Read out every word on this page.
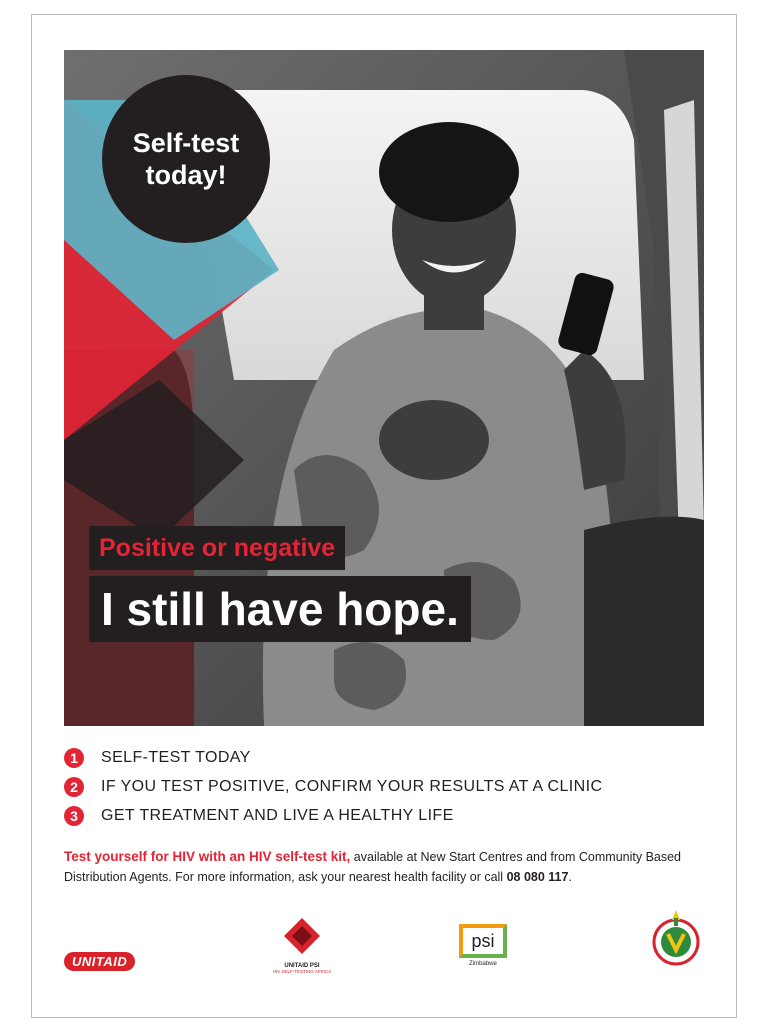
Self-test
today!
Positive or negative
I still have hope.
1	SELF-TEST TODAY
2	IF YOU TEST POSITIVE, CONFIRM YOUR RESULTS AT A CLINIC
3	GET TREATMENT AND LIVE A HEALTHY LIFE
Test yourself for HIV with an HIV self-test kit, available at New Start Centres and from Community Based Distribution Agents. For more information, ask your nearest health facility or call 08 080 117.
UNITAID	UNITAID PSI
HIV SELF-TESTING AFRICA
psi
Zimbabwe
